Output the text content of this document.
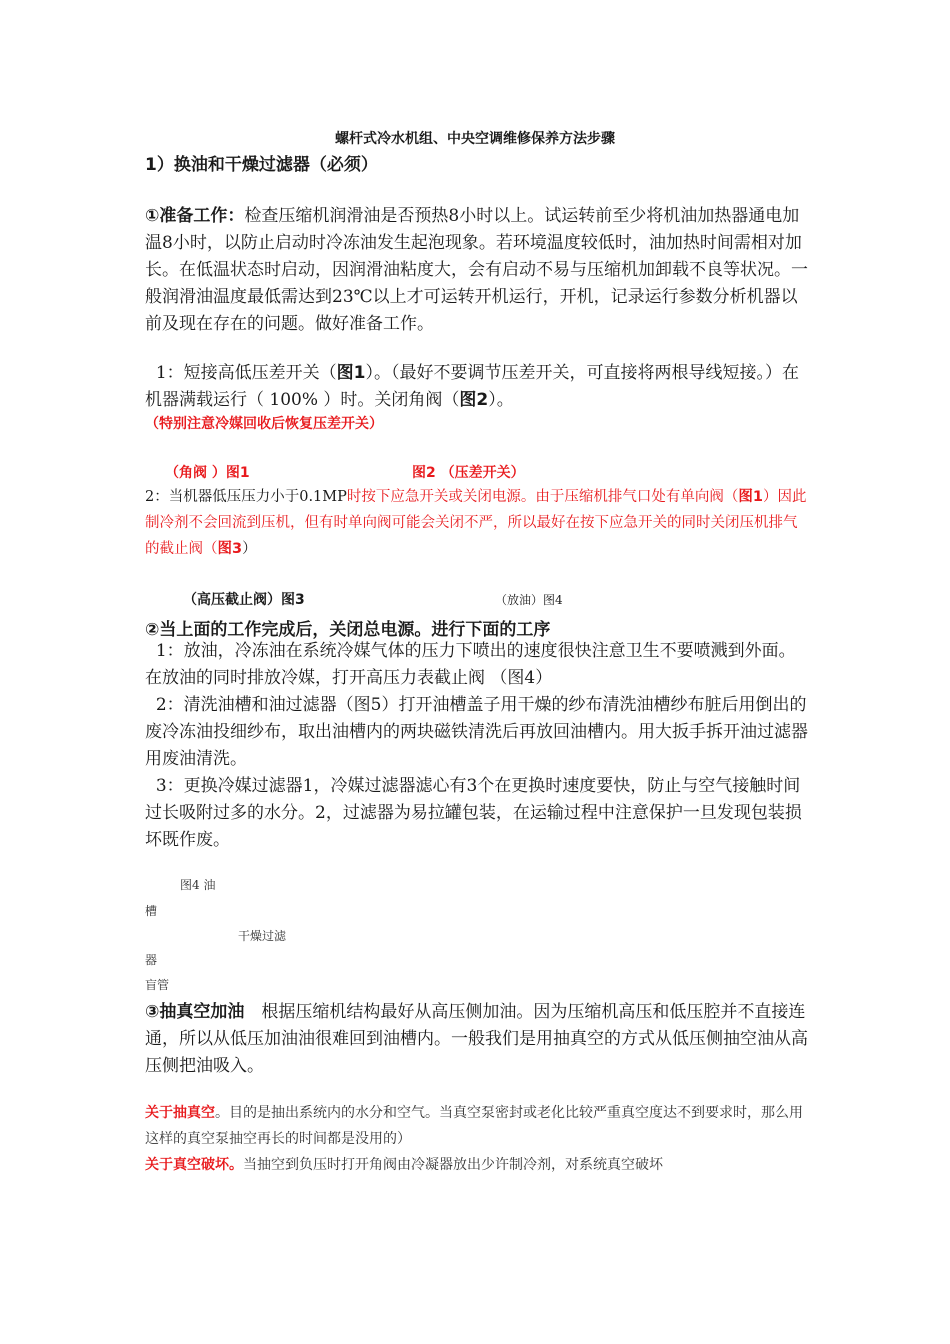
螺杆式冷水机组、中央空调维修保养方法步骤
1）换油和干燥过滤器（必须）
①准备工作：检查压缩机润滑油是否预热8小时以上。试运转前至少将机油加热器通电加温8小时，以防止启动时冷冻油发生起泡现象。若环境温度较低时，油加热时间需相对加长。在低温状态时启动，因润滑油粘度大，会有启动不易与压缩机加卸载不良等状况。一般润滑油温度最低需达到23℃以上才可运转开机运行，开机，记录运行参数分析机器以前及现在存在的问题。做好准备工作。
1：短接高低压差开关（图1）。（最好不要调节压差开关，可直接将两根导线短接。）在机器满载运行（ 100% ）时。关闭角阀（图2）。
（特别注意冷媒回收后恢复压差开关）
（角阀 ）图1	图2 （压差开关）
2：当机器低压压力小于0.1MP时按下应急开关或关闭电源。由于压缩机排气口处有单向阀（图1）因此制冷剂不会回流到压机，但有时单向阀可能会关闭不严，所以最好在按下应急开关的同时关闭压机排气的截止阀（图3）
（高压截止阀）图3	（放油）图4
②当上面的工作完成后，关闭总电源。进行下面的工序
1：放油，冷冻油在系统冷媒气体的压力下喷出的速度很快注意卫生不要喷溅到外面。在放油的同时排放冷媒，打开高压力表截止阀 （图4）
2：清洗油槽和油过滤器（图5）打开油槽盖子用干燥的纱布清洗油槽纱布脏后用倒出的废冷冻油投细纱布，取出油槽内的两块磁铁清洗后再放回油槽内。用大扳手拆开油过滤器用废油清洗。
3：更换冷媒过滤器1，冷媒过滤器滤心有3个在更换时速度要快，防止与空气接触时间过长吸附过多的水分。2，过滤器为易拉罐包装，在运输过程中注意保护一旦发现包装损坏既作废。
图4 油
槽
干燥过滤
器
盲管
③抽真空加油　根据压缩机结构最好从高压侧加油。因为压缩机高压和低压腔并不直接连通，所以从低压加油油很难回到油槽内。一般我们是用抽真空的方式从低压侧抽空油从高压侧把油吸入。
关于抽真空。目的是抽出系统内的水分和空气。当真空泵密封或老化比较严重真空度达不到要求时，那么用这样的真空泵抽空再长的时间都是没用的）
关于真空破坏。当抽空到负压时打开角阀由冷凝器放出少许制冷剂，对系统真空破坏
